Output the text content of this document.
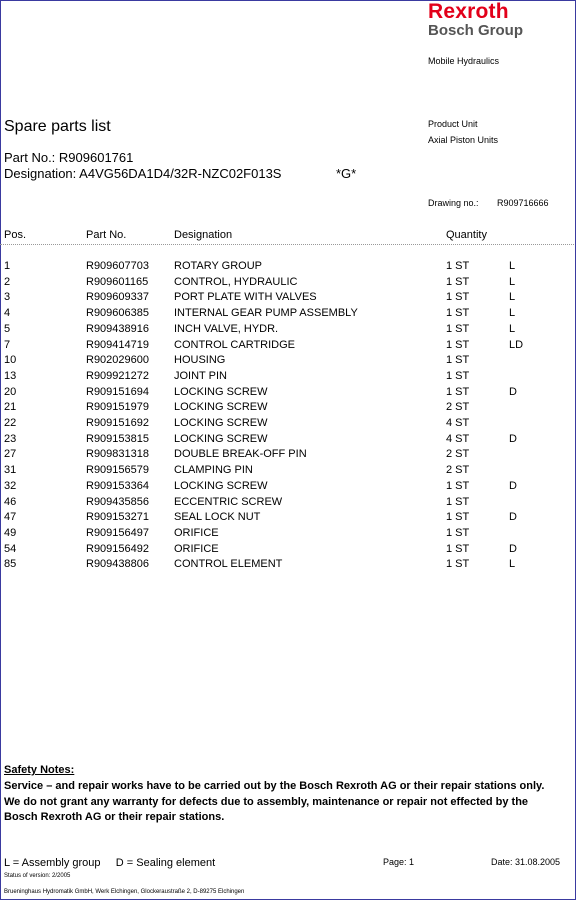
Rexroth
Bosch Group
Mobile Hydraulics
Product Unit
Axial Piston Units
Spare parts list
Part No.: R909601761
Designation: A4VG56DA1D4/32R-NZC02F013S	*G*
Drawing no.: R909716666
Pos.	Part No.	Designation	Quantity
1	R909607703 ROTARY GROUP	1 ST	L
2	R909601165 CONTROL, HYDRAULIC	1 ST	L
3	R909609337 PORT PLATE WITH VALVES	1 ST	L
4	R909606385 INTERNAL GEAR PUMP ASSEMBLY	1 ST	L
5	R909438916 INCH VALVE, HYDR.	1 ST	L
7	R909414719 CONTROL CARTRIDGE	1 ST	LD
10	R902029600 HOUSING	1 ST
13	R909921272 JOINT PIN	1 ST
20	R909151694 LOCKING SCREW	1 ST	D
21	R909151979 LOCKING SCREW	2 ST
22	R909151692 LOCKING SCREW	4 ST
23	R909153815 LOCKING SCREW	4 ST	D
27	R909831318 DOUBLE BREAK-OFF PIN	2 ST
31	R909156579 CLAMPING PIN	2 ST
32	R909153364 LOCKING SCREW	1 ST	D
46	R909435856 ECCENTRIC SCREW	1 ST
47	R909153271 SEAL LOCK NUT	1 ST	D
49	R909156497 ORIFICE	1 ST
54	R909156492 ORIFICE	1 ST	D
85	R909438806 CONTROL ELEMENT	1 ST	L
Safety Notes:
Service – and repair works have to be carried out by the Bosch Rexroth AG or their repair stations only.
We do not grant any warranty for defects due to assembly, maintenance or repair not effected by the
Bosch Rexroth AG or their repair stations.
L = Assembly group     D = Sealing element	Page: 1	Date: 31.08.2005
Status of version: 2/2005
Brueninghaus Hydromatik GmbH, Werk Elchingen, Glockeraustraße 2, D-89275 Elchingen
